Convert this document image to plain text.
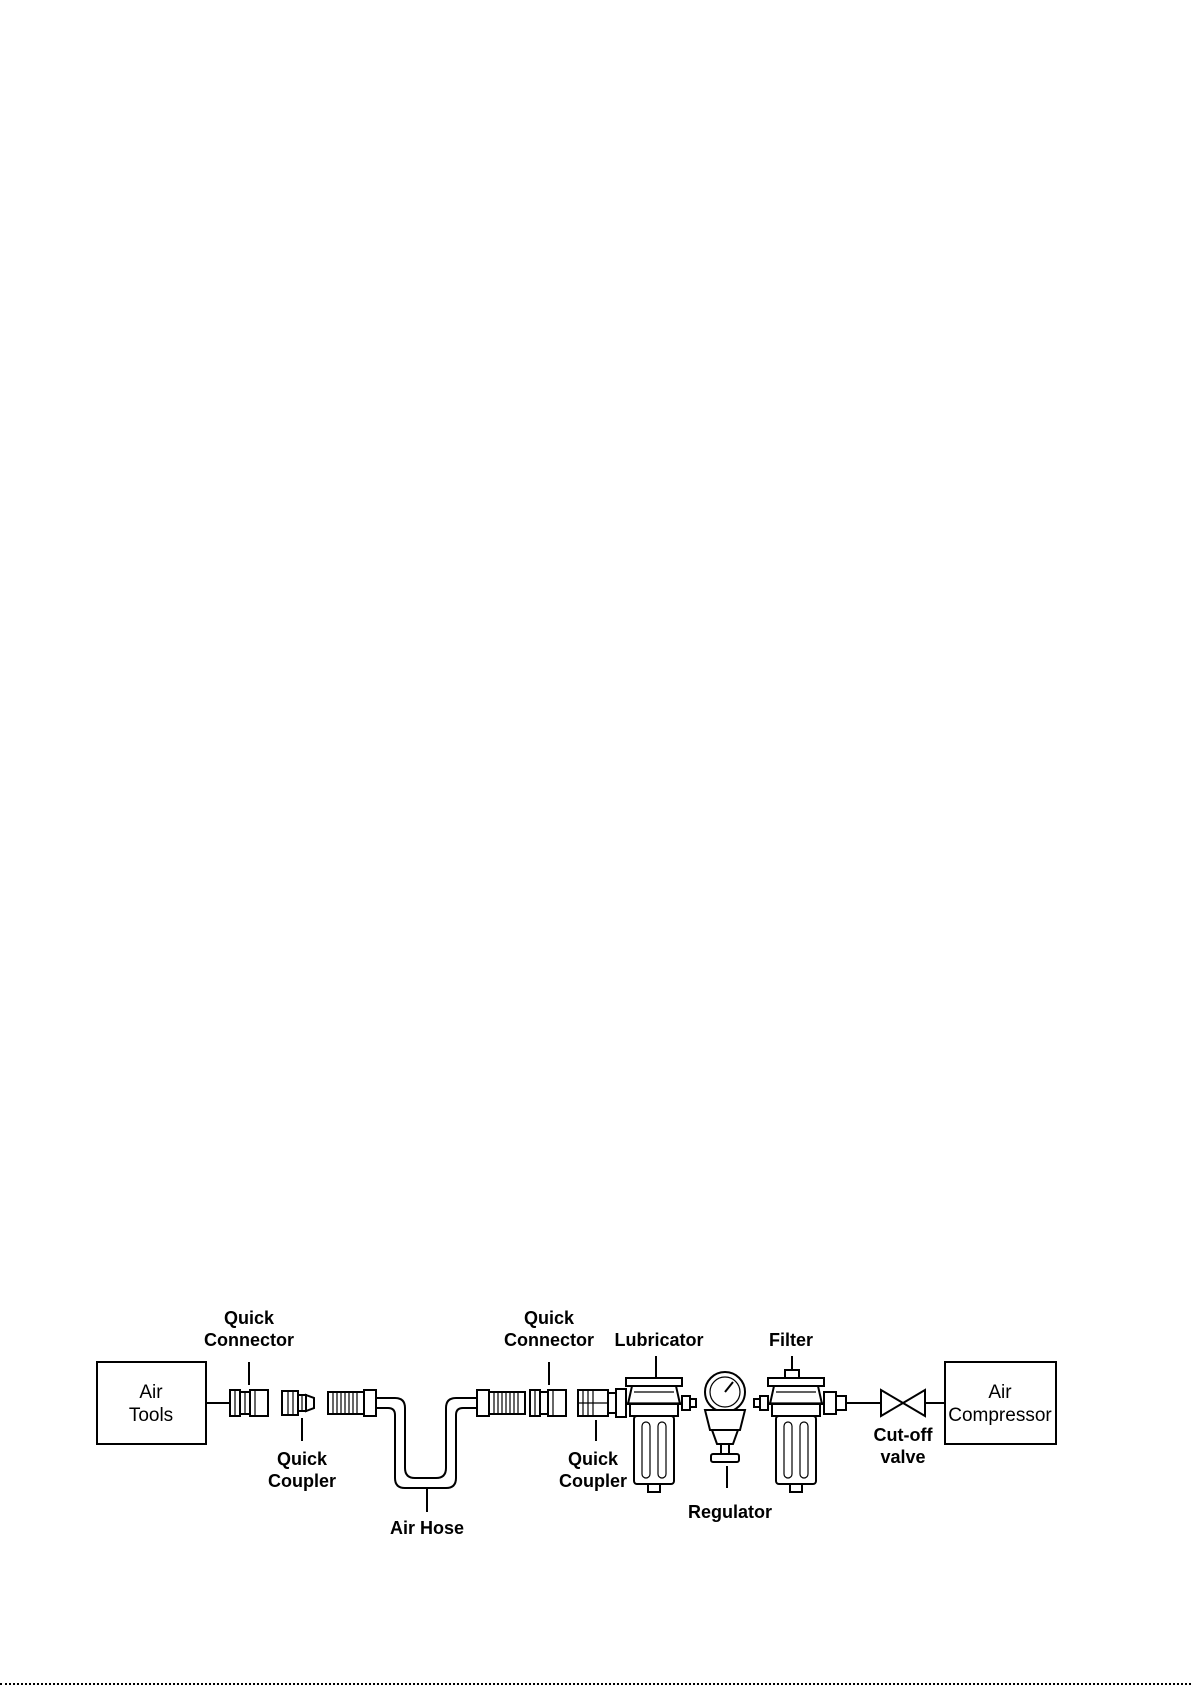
Air
Tools
Quick
Connector
Quick
Coupler
Air Hose
Quick
Connector
Quick
Coupler
Lubricator
Regulator
Filter
Cut-off
valve
Air
Compressor
